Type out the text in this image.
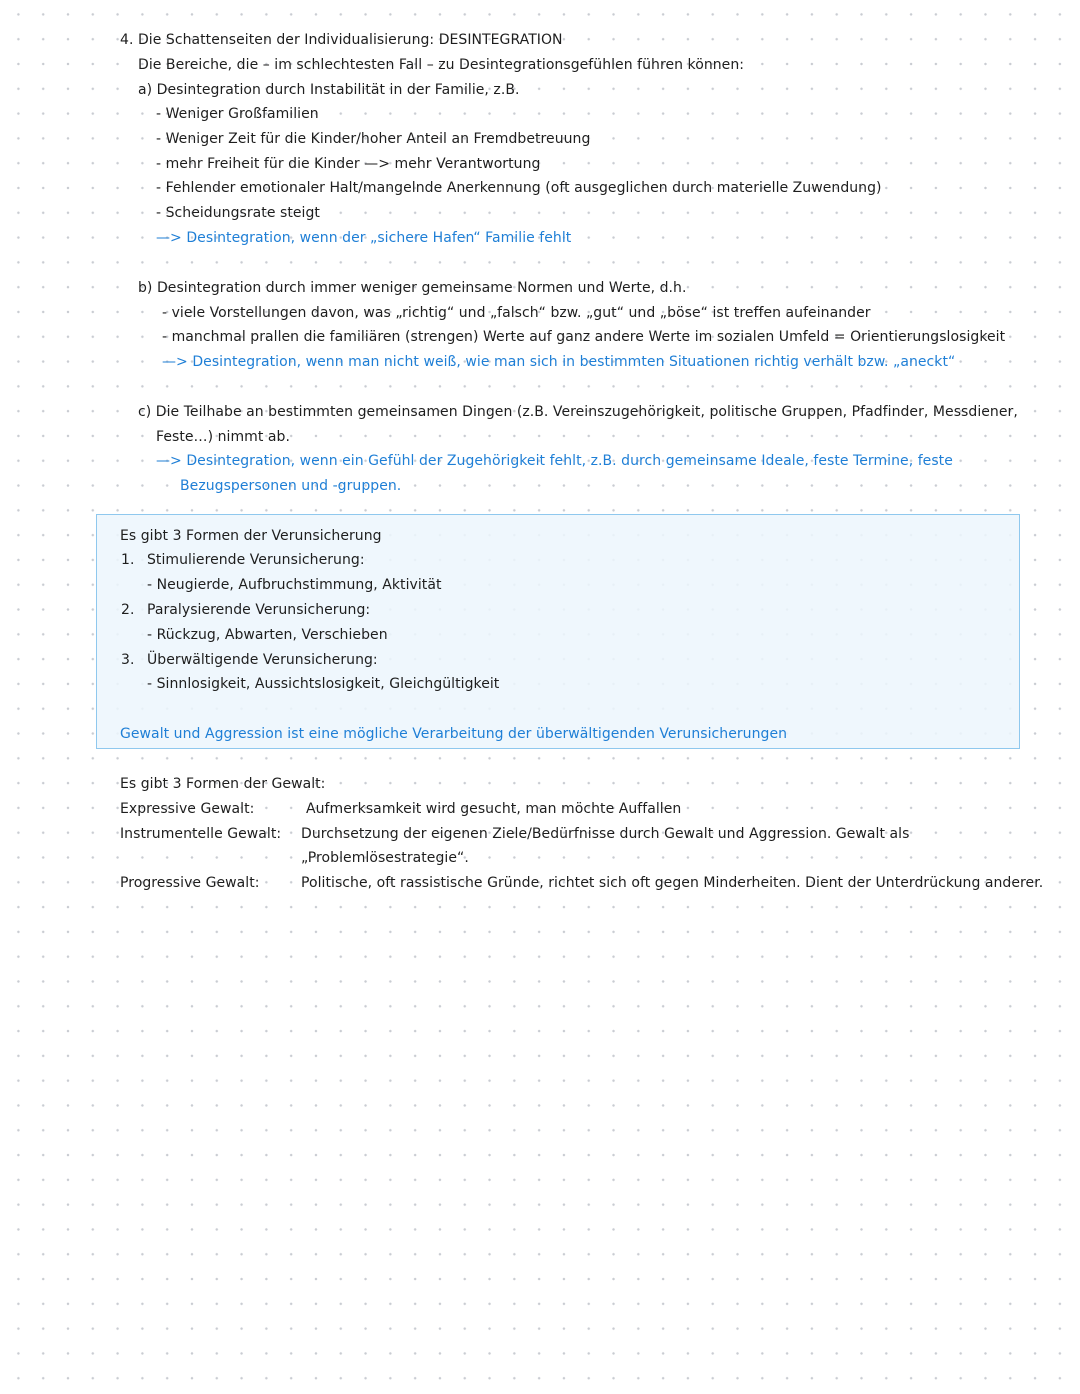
4. Die Schattenseiten der Individualisierung: DESINTEGRATION
Die Bereiche, die – im schlechtesten Fall – zu Desintegrationsgefühlen führen können:
a) Desintegration durch Instabilität in der Familie, z.B.
- Weniger Großfamilien
- Weniger Zeit für die Kinder/hoher Anteil an Fremdbetreuung
- mehr Freiheit für die Kinder —> mehr Verantwortung
- Fehlender emotionaler Halt/mangelnde Anerkennung (oft ausgeglichen durch materielle Zuwendung)
- Scheidungsrate steigt
—> Desintegration, wenn der „sichere Hafen“ Familie fehlt
b) Desintegration durch immer weniger gemeinsame Normen und Werte, d.h.
- viele Vorstellungen davon, was „richtig“ und „falsch“ bzw. „gut“ und „böse“ ist treffen aufeinander
- manchmal prallen die familiären (strengen) Werte auf ganz andere Werte im sozialen Umfeld = Orientierungslosigkeit
—> Desintegration, wenn man nicht weiß, wie man sich in bestimmten Situationen richtig verhält bzw. „aneckt“
c) Die Teilhabe an bestimmten gemeinsamen Dingen (z.B. Vereinszugehörigkeit, politische Gruppen, Pfadfinder, Messdiener,
Feste…) nimmt ab.
—> Desintegration, wenn ein Gefühl der Zugehörigkeit fehlt, z.B. durch gemeinsame Ideale, feste Termine, feste
Bezugspersonen und -gruppen.
Es gibt 3 Formen der Verunsicherung
1. Stimulierende Verunsicherung:
- Neugierde, Aufbruchstimmung, Aktivität
2. Paralysierende Verunsicherung:
- Rückzug, Abwarten, Verschieben
3. Überwältigende Verunsicherung:
- Sinnlosigkeit, Aussichtslosigkeit, Gleichgültigkeit
Gewalt und Aggression ist eine mögliche Verarbeitung der überwältigenden Verunsicherungen
Es gibt 3 Formen der Gewalt:
Expressive Gewalt:	Aufmerksamkeit wird gesucht, man möchte Auffallen
Instrumentelle Gewalt: Durchsetzung der eigenen Ziele/Bedürfnisse durch Gewalt und Aggression. Gewalt als
„Problemlösestrategie“.
Progressive Gewalt:	Politische, oft rassistische Gründe, richtet sich oft gegen Minderheiten. Dient der Unterdrückung anderer.
